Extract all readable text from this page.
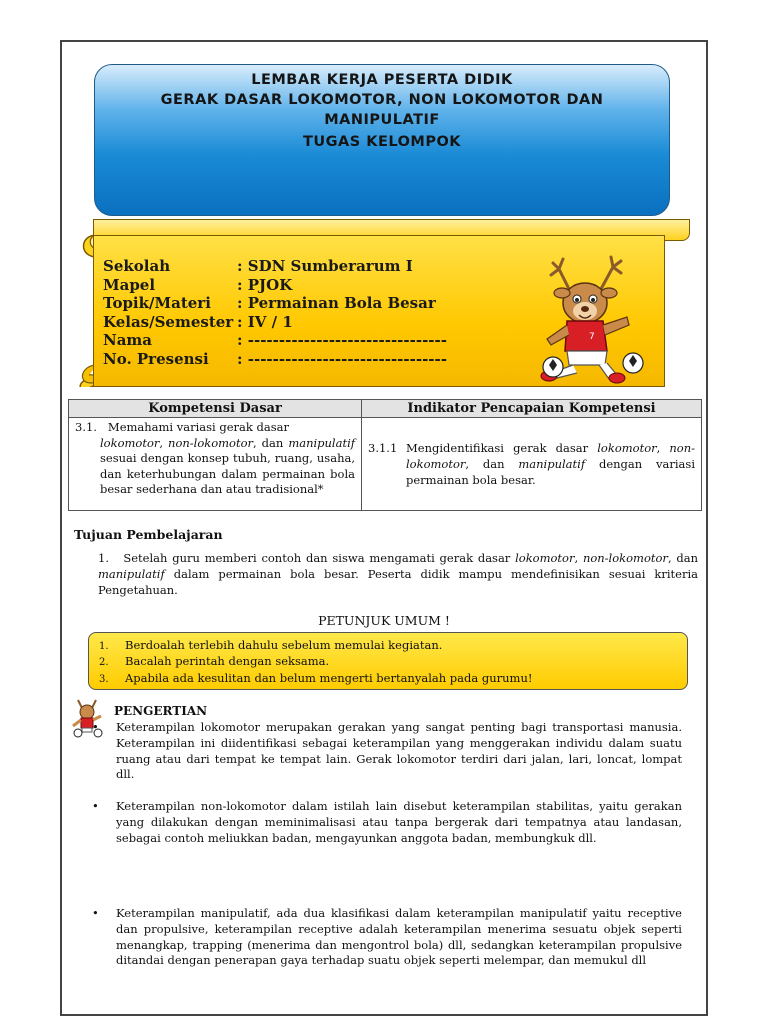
LEMBAR KERJA PESERTA DIDIK
GERAK DASAR LOKOMOTOR, NON LOKOMOTOR DAN
MANIPULATIF
TUGAS KELOMPOK
Sekolah	: SDN Sumberarum I
Mapel	: PJOK
Topik/Materi	: Permainan Bola Besar
Kelas/Semester : IV / 1
Nama	: --------------------------------
No. Presensi	: --------------------------------
7
Kompetensi Dasar	Indikator Pencapaian Kompetensi
3.1. Memahami variasi gerak dasar
lokomotor, non-lokomotor, dan manipulatif sesuai dengan konsep tubuh, ruang, usaha, dan keterhubungan dalam permainan bola besar sederhana dan atau tradisional*	3.1.1 Mengidentifikasi gerak dasar lokomotor, non-lokomotor, dan manipulatif dengan variasi permainan bola besar.
Tujuan Pembelajaran
1. Setelah guru memberi contoh dan siswa mengamati gerak dasar lokomotor, non-lokomotor, dan manipulatif dalam permainan bola besar. Peserta didik mampu mendefinisikan sesuai kriteria Pengetahuan.
PETUNJUK UMUM !
1. Berdoalah terlebih dahulu sebelum memulai kegiatan.
2. Bacalah perintah dengan seksama.
3. Apabila ada kesulitan dan belum mengerti bertanyalah pada gurumu!
PENGERTIAN
• Keterampilan lokomotor merupakan gerakan yang sangat penting bagi transportasi manusia. Keterampilan ini diidentifikasi sebagai keterampilan yang menggerakan individu dalam suatu ruang atau dari tempat ke tempat lain. Gerak lokomotor terdiri dari jalan, lari, loncat, lompat dll.
• Keterampilan non-lokomotor dalam istilah lain disebut keterampilan stabilitas, yaitu gerakan yang dilakukan dengan meminimalisasi atau tanpa bergerak dari tempatnya atau landasan, sebagai contoh meliukkan badan, mengayunkan anggota badan, membungkuk dll.
• Keterampilan manipulatif, ada dua klasifikasi dalam keterampilan manipulatif yaitu receptive dan propulsive, keterampilan receptive adalah keterampilan menerima sesuatu objek seperti menangkap, trapping (menerima dan mengontrol bola) dll, sedangkan keterampilan propulsive ditandai dengan penerapan gaya terhadap suatu objek seperti melempar, dan memukul dll
